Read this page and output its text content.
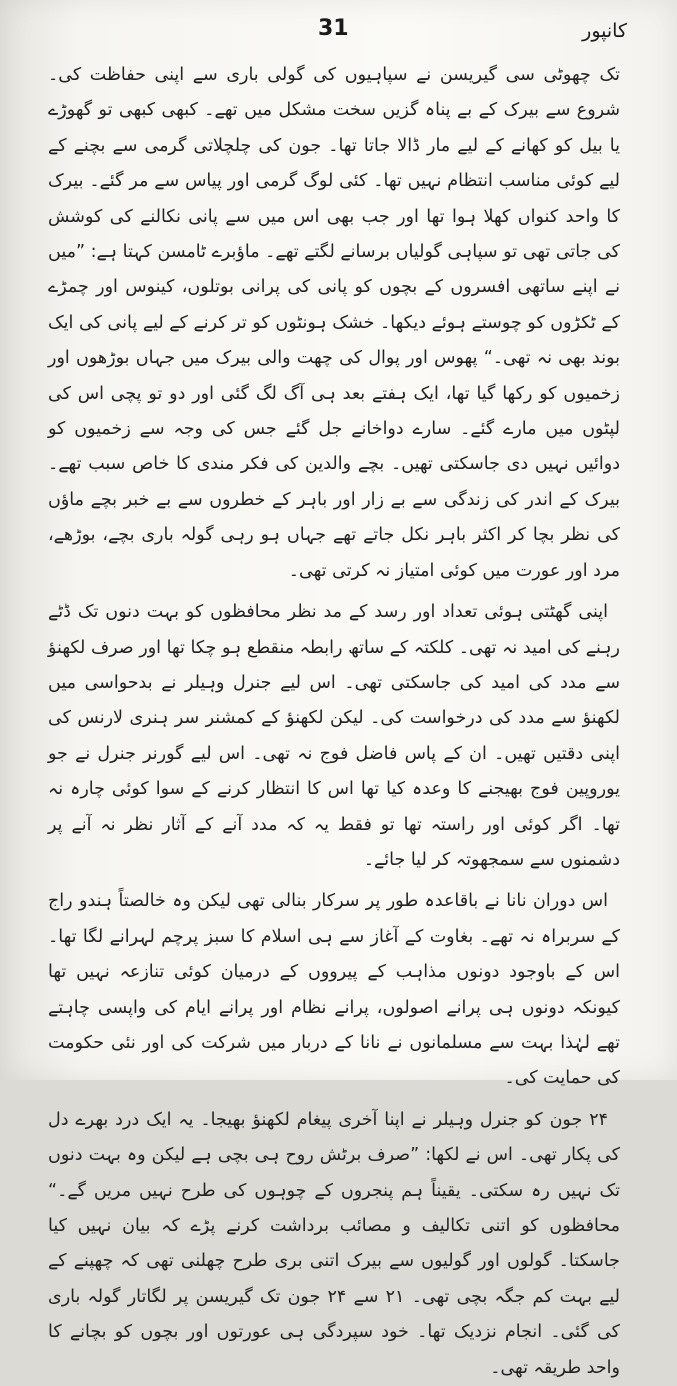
31	کانپور

تک چھوٹی سی گیریسن نے سپاہیوں کی گولی باری سے اپنی حفاظت کی۔ شروع سے بیرک کے بے پناہ گزیں سخت مشکل میں تھے۔ کبھی کبھی تو گھوڑے یا بیل کو کھانے کے لیے مار ڈالا جاتا تھا۔ جون کی چلچلاتی گرمی سے بچنے کے لیے کوئی مناسب انتظام نہیں تھا۔ کئی لوگ گرمی اور پیاس سے مر گئے۔ بیرک کا واحد کنواں کھلا ہوا تھا اور جب بھی اس میں سے پانی نکالنے کی کوشش کی جاتی تھی تو سپاہی گولیاں برسانے لگتے تھے۔ ماؤبرے ٹامسن کہتا ہے: ”میں نے اپنے ساتھی افسروں کے بچوں کو پانی کی پرانی بوتلوں، کینوس اور چمڑے کے ٹکڑوں کو چوستے ہوئے دیکھا۔ خشک ہونٹوں کو تر کرنے کے لیے پانی کی ایک بوند بھی نہ تھی۔“ پھوس اور پوال کی چھت والی بیرک میں جہاں بوڑھوں اور زخمیوں کو رکھا گیا تھا، ایک ہفتے بعد ہی آگ لگ گئی اور دو تو پچی اس کی لپٹوں میں مارے گئے۔ سارے دواخانے جل گئے جس کی وجہ سے زخمیوں کو دوائیں نہیں دی جاسکتی تھیں۔ بچے والدین کی فکر مندی کا خاص سبب تھے۔ بیرک کے اندر کی زندگی سے بے زار اور باہر کے خطروں سے بے خبر بچے ماؤں کی نظر بچا کر اکثر باہر نکل جاتے تھے جہاں ہو رہی گولہ باری بچے، بوڑھے، مرد اور عورت میں کوئی امتیاز نہ کرتی تھی۔

اپنی گھٹتی ہوئی تعداد اور رسد کے مد نظر محافظوں کو بہت دنوں تک ڈٹے رہنے کی امید نہ تھی۔ کلکتہ کے ساتھ رابطہ منقطع ہو چکا تھا اور صرف لکھنؤ سے مدد کی امید کی جاسکتی تھی۔ اس لیے جنرل وہیلر نے بدحواسی میں لکھنؤ سے مدد کی درخواست کی۔ لیکن لکھنؤ کے کمشنر سر ہنری لارنس کی اپنی دقتیں تھیں۔ ان کے پاس فاضل فوج نہ تھی۔ اس لیے گورنر جنرل نے جو یوروپین فوج بھیجنے کا وعدہ کیا تھا اس کا انتظار کرنے کے سوا کوئی چارہ نہ تھا۔ اگر کوئی اور راستہ تھا تو فقط یہ کہ مدد آنے کے آثار نظر نہ آنے پر دشمنوں سے سمجھوتہ کر لیا جائے۔

اس دوران نانا نے باقاعدہ طور پر سرکار بنالی تھی لیکن وہ خالصتاً ہندو راج کے سربراہ نہ تھے۔ بغاوت کے آغاز سے ہی اسلام کا سبز پرچم لہرانے لگا تھا۔ اس کے باوجود دونوں مذاہب کے پیرووں کے درمیان کوئی تنازعہ نہیں تھا کیونکہ دونوں ہی پرانے اصولوں، پرانے نظام اور پرانے ایام کی واپسی چاہتے تھے لہٰذا بہت سے مسلمانوں نے نانا کے دربار میں شرکت کی اور نئی حکومت کی حمایت کی۔

۲۴ جون کو جنرل وہیلر نے اپنا آخری پیغام لکھنؤ بھیجا۔ یہ ایک درد بھرے دل کی پکار تھی۔ اس نے لکھا: ”صرف برٹش روح ہی بچی ہے لیکن وہ بہت دنوں تک نہیں رہ سکتی۔ یقیناً ہم پنجروں کے چوہوں کی طرح نہیں مریں گے۔“ محافظوں کو اتنی تکالیف و مصائب برداشت کرنے پڑے کہ بیان نہیں کیا جاسکتا۔ گولوں اور گولیوں سے بیرک اتنی بری طرح چھلنی تھی کہ چھپنے کے لیے بہت کم جگہ بچی تھی۔ ۲۱ سے ۲۴ جون تک گیریسن پر لگاتار گولہ باری کی گئی۔ انجام نزدیک تھا۔ خود سپردگی ہی عورتوں اور بچوں کو بچانے کا واحد طریقہ تھی۔
